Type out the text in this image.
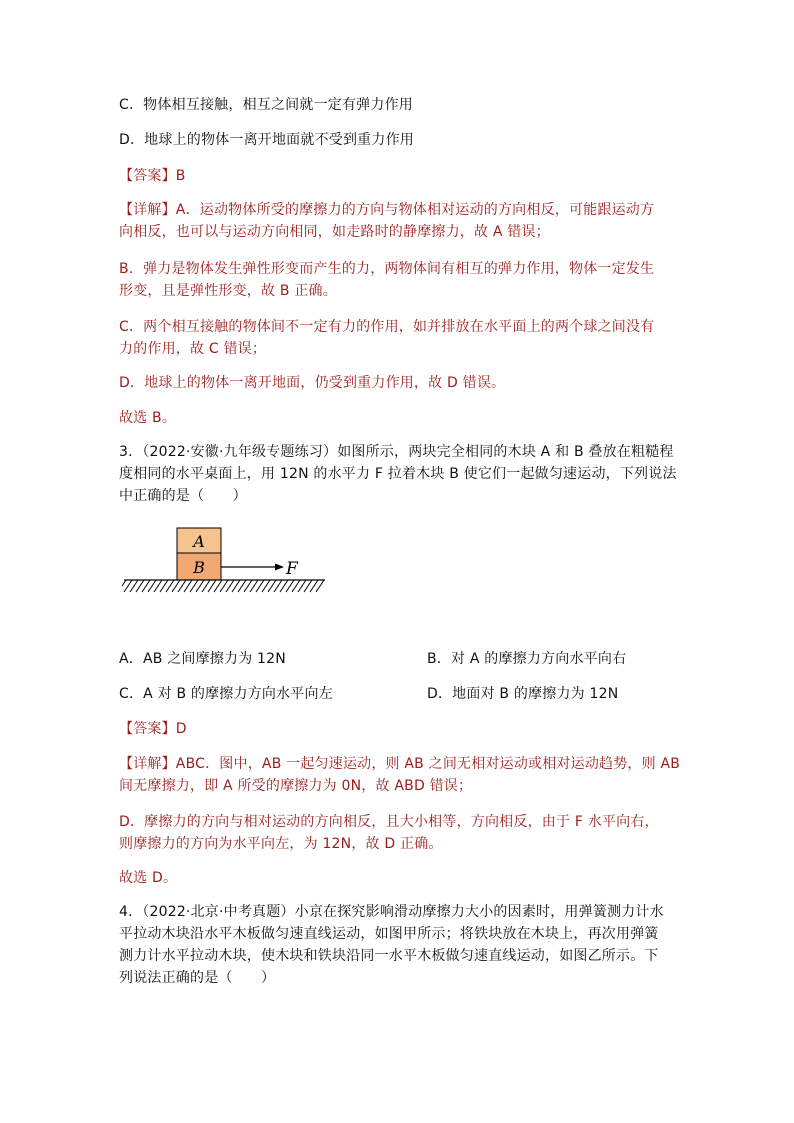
C．物体相互接触，相互之间就一定有弹力作用
D．地球上的物体一离开地面就不受到重力作用
【答案】B
【详解】A．运动物体所受的摩擦力的方向与物体相对运动的方向相反，可能跟运动方
向相反，也可以与运动方向相同，如走路时的静摩擦力，故 A 错误；
B．弹力是物体发生弹性形变而产生的力，两物体间有相互的弹力作用，物体一定发生
形变，且是弹性形变，故 B 正确。
C．两个相互接触的物体间不一定有力的作用，如并排放在水平面上的两个球之间没有
力的作用，故 C 错误；
D．地球上的物体一离开地面，仍受到重力作用，故 D 错误。
故选 B。
3．（2022·安徽·九年级专题练习）如图所示，两块完全相同的木块 A 和 B 叠放在粗糙程
度相同的水平桌面上，用 12N 的水平力 F 拉着木块 B 使它们一起做匀速运动，下列说法
中正确的是（　　）
A
B	F
A．AB 之间摩擦力为 12N	B．对 A 的摩擦力方向水平向右
C．A 对 B 的摩擦力方向水平向左	D．地面对 B 的摩擦力为 12N
【答案】D
【详解】ABC．图中，AB 一起匀速运动，则 AB 之间无相对运动或相对运动趋势，则 AB
间无摩擦力，即 A 所受的摩擦力为 0N，故 ABD 错误；
D．摩擦力的方向与相对运动的方向相反，且大小相等，方向相反，由于 F 水平向右，
则摩擦力的方向为水平向左，为 12N，故 D 正确。
故选 D。
4．（2022·北京·中考真题）小京在探究影响滑动摩擦力大小的因素时，用弹簧测力计水
平拉动木块沿水平木板做匀速直线运动，如图甲所示；将铁块放在木块上，再次用弹簧
测力计水平拉动木块，使木块和铁块沿同一水平木板做匀速直线运动，如图乙所示。下
列说法正确的是（　　）
